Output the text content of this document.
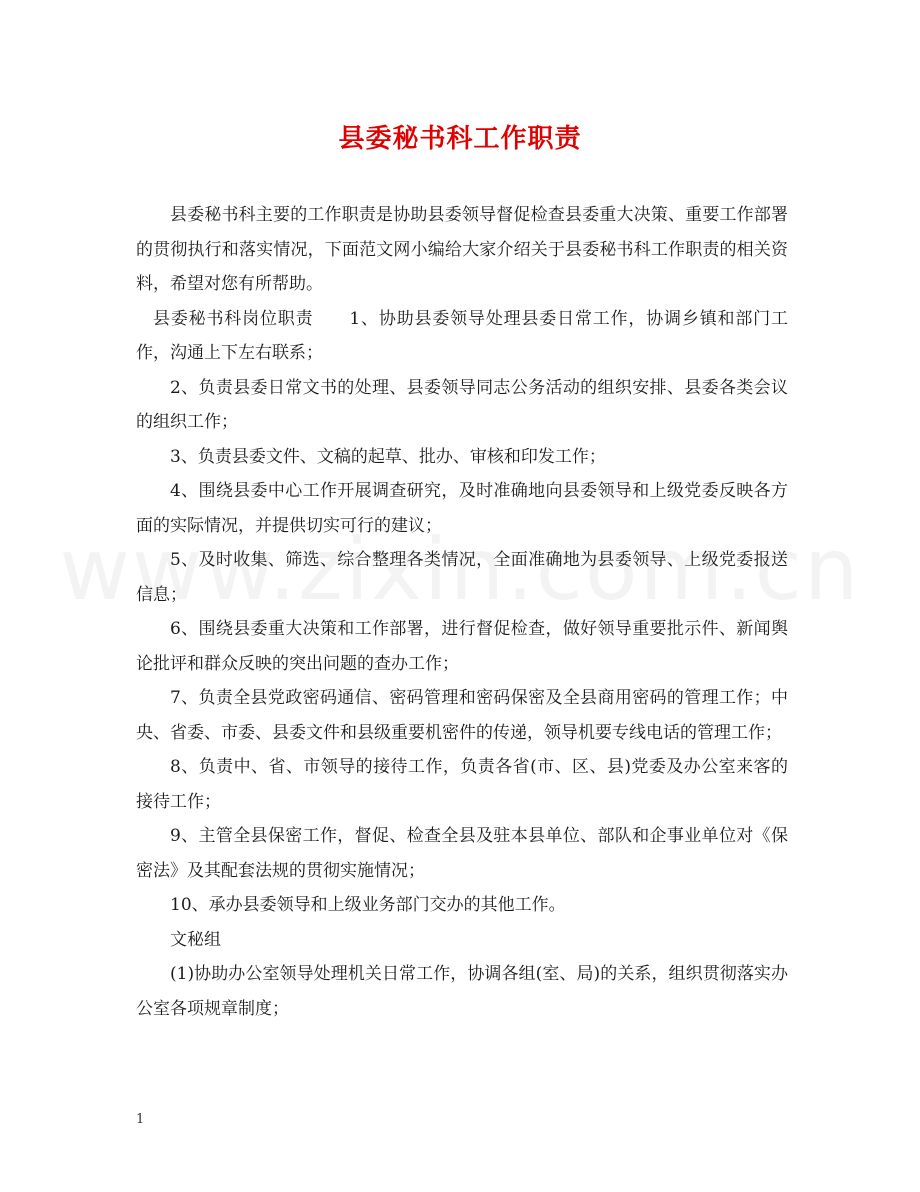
县委秘书科工作职责

县委秘书科主要的工作职责是协助县委领导督促检查县委重大决策、重要工作部署的贯彻执行和落实情况，下面范文网小编给大家介绍关于县委秘书科工作职责的相关资料，希望对您有所帮助。

县委秘书科岗位职责 1、协助县委领导处理县委日常工作，协调乡镇和部门工作，沟通上下左右联系；

2、负责县委日常文书的处理、县委领导同志公务活动的组织安排、县委各类会议的组织工作；

3、负责县委文件、文稿的起草、批办、审核和印发工作；

4、围绕县委中心工作开展调查研究，及时准确地向县委领导和上级党委反映各方面的实际情况，并提供切实可行的建议；

5、及时收集、筛选、综合整理各类情况，全面准确地为县委领导、上级党委报送信息；

6、围绕县委重大决策和工作部署，进行督促检查，做好领导重要批示件、新闻舆论批评和群众反映的突出问题的查办工作；

7、负责全县党政密码通信、密码管理和密码保密及全县商用密码的管理工作；中央、省委、市委、县委文件和县级重要机密件的传递，领导机要专线电话的管理工作；

8、负责中、省、市领导的接待工作，负责各省(市、区、县)党委及办公室来客的接待工作；

9、主管全县保密工作，督促、检查全县及驻本县单位、部队和企事业单位对《保密法》及其配套法规的贯彻实施情况；

10、承办县委领导和上级业务部门交办的其他工作。

文秘组

(1)协助办公室领导处理机关日常工作，协调各组(室、局)的关系，组织贯彻落实办公室各项规章制度；

1
